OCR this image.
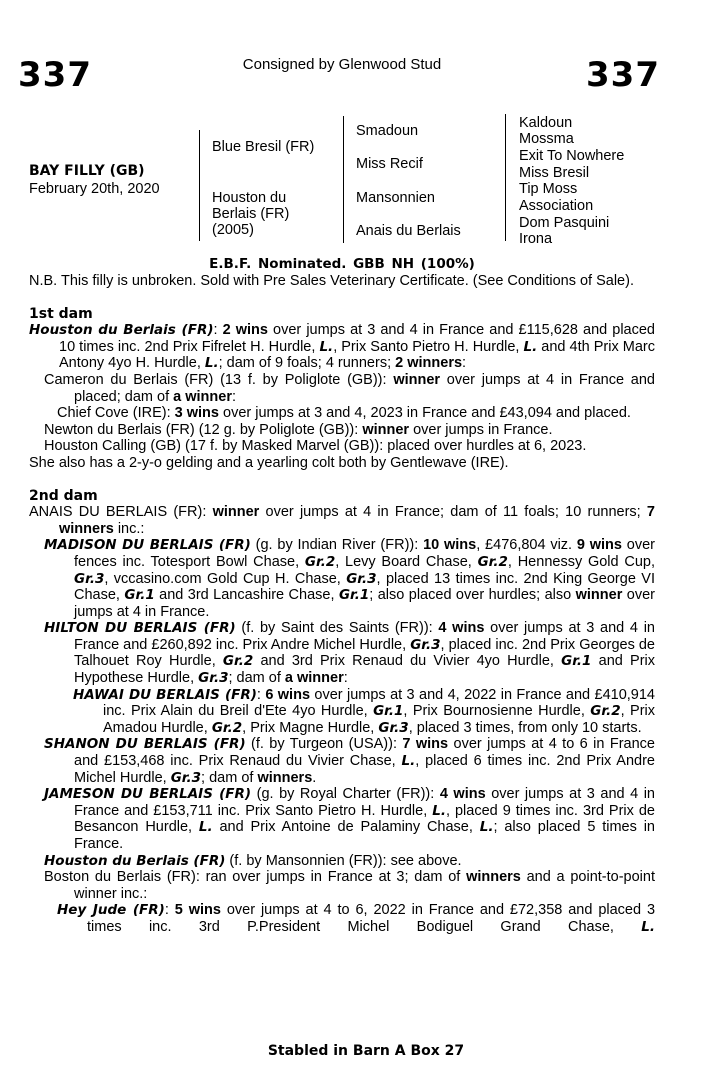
337	Consigned by Glenwood Stud	337
BAY FILLY (GB)
February 20th, 2020
Blue Bresil (FR)
Houston du
Berlais (FR)
(2005)
Smadoun
Miss Recif
Mansonnien
Anais du Berlais
Kaldoun
Mossma
Exit To Nowhere
Miss Bresil
Tip Moss
Association
Dom Pasquini
Irona
E.B.F. Nominated. GBB NH (100%)
N.B. This filly is unbroken. Sold with Pre Sales Veterinary Certificate. (See Conditions of Sale).
1st dam
Houston du Berlais (FR): 2 wins over jumps at 3 and 4 in France and £115,628 and placed 10 times inc. 2nd Prix Fifrelet H. Hurdle, L., Prix Santo Pietro H. Hurdle, L. and 4th Prix Marc Antony 4yo H. Hurdle, L.; dam of 9 foals; 4 runners; 2 winners:
Cameron du Berlais (FR) (13 f. by Poliglote (GB)): winner over jumps at 4 in France and placed; dam of a winner:
Chief Cove (IRE): 3 wins over jumps at 3 and 4, 2023 in France and £43,094 and placed.
Newton du Berlais (FR) (12 g. by Poliglote (GB)): winner over jumps in France.
Houston Calling (GB) (17 f. by Masked Marvel (GB)): placed over hurdles at 6, 2023.
She also has a 2-y-o gelding and a yearling colt both by Gentlewave (IRE).
2nd dam
ANAIS DU BERLAIS (FR): winner over jumps at 4 in France; dam of 11 foals; 10 runners; 7 winners inc.:
MADISON DU BERLAIS (FR) (g. by Indian River (FR)): 10 wins, £476,804 viz. 9 wins over fences inc. Totesport Bowl Chase, Gr.2, Levy Board Chase, Gr.2, Hennessy Gold Cup, Gr.3, vccasino.com Gold Cup H. Chase, Gr.3, placed 13 times inc. 2nd King George VI Chase, Gr.1 and 3rd Lancashire Chase, Gr.1; also placed over hurdles; also winner over jumps at 4 in France.
HILTON DU BERLAIS (FR) (f. by Saint des Saints (FR)): 4 wins over jumps at 3 and 4 in France and £260,892 inc. Prix Andre Michel Hurdle, Gr.3, placed inc. 2nd Prix Georges de Talhouet Roy Hurdle, Gr.2 and 3rd Prix Renaud du Vivier 4yo Hurdle, Gr.1 and Prix Hypothese Hurdle, Gr.3; dam of a winner:
HAWAI DU BERLAIS (FR): 6 wins over jumps at 3 and 4, 2022 in France and £410,914 inc. Prix Alain du Breil d'Ete 4yo Hurdle, Gr.1, Prix Bournosienne Hurdle, Gr.2, Prix Amadou Hurdle, Gr.2, Prix Magne Hurdle, Gr.3, placed 3 times, from only 10 starts.
SHANON DU BERLAIS (FR) (f. by Turgeon (USA)): 7 wins over jumps at 4 to 6 in France and £153,468 inc. Prix Renaud du Vivier Chase, L., placed 6 times inc. 2nd Prix Andre Michel Hurdle, Gr.3; dam of winners.
JAMESON DU BERLAIS (FR) (g. by Royal Charter (FR)): 4 wins over jumps at 3 and 4 in France and £153,711 inc. Prix Santo Pietro H. Hurdle, L., placed 9 times inc. 3rd Prix de Besancon Hurdle, L. and Prix Antoine de Palaminy Chase, L.; also placed 5 times in France.
Houston du Berlais (FR) (f. by Mansonnien (FR)): see above.
Boston du Berlais (FR): ran over jumps in France at 3; dam of winners and a point-to-point winner inc.:
Hey Jude (FR): 5 wins over jumps at 4 to 6, 2022 in France and £72,358 and placed 3 times inc. 3rd P.President Michel Bodiguel Grand Chase, L.
Stabled in Barn A Box 27
